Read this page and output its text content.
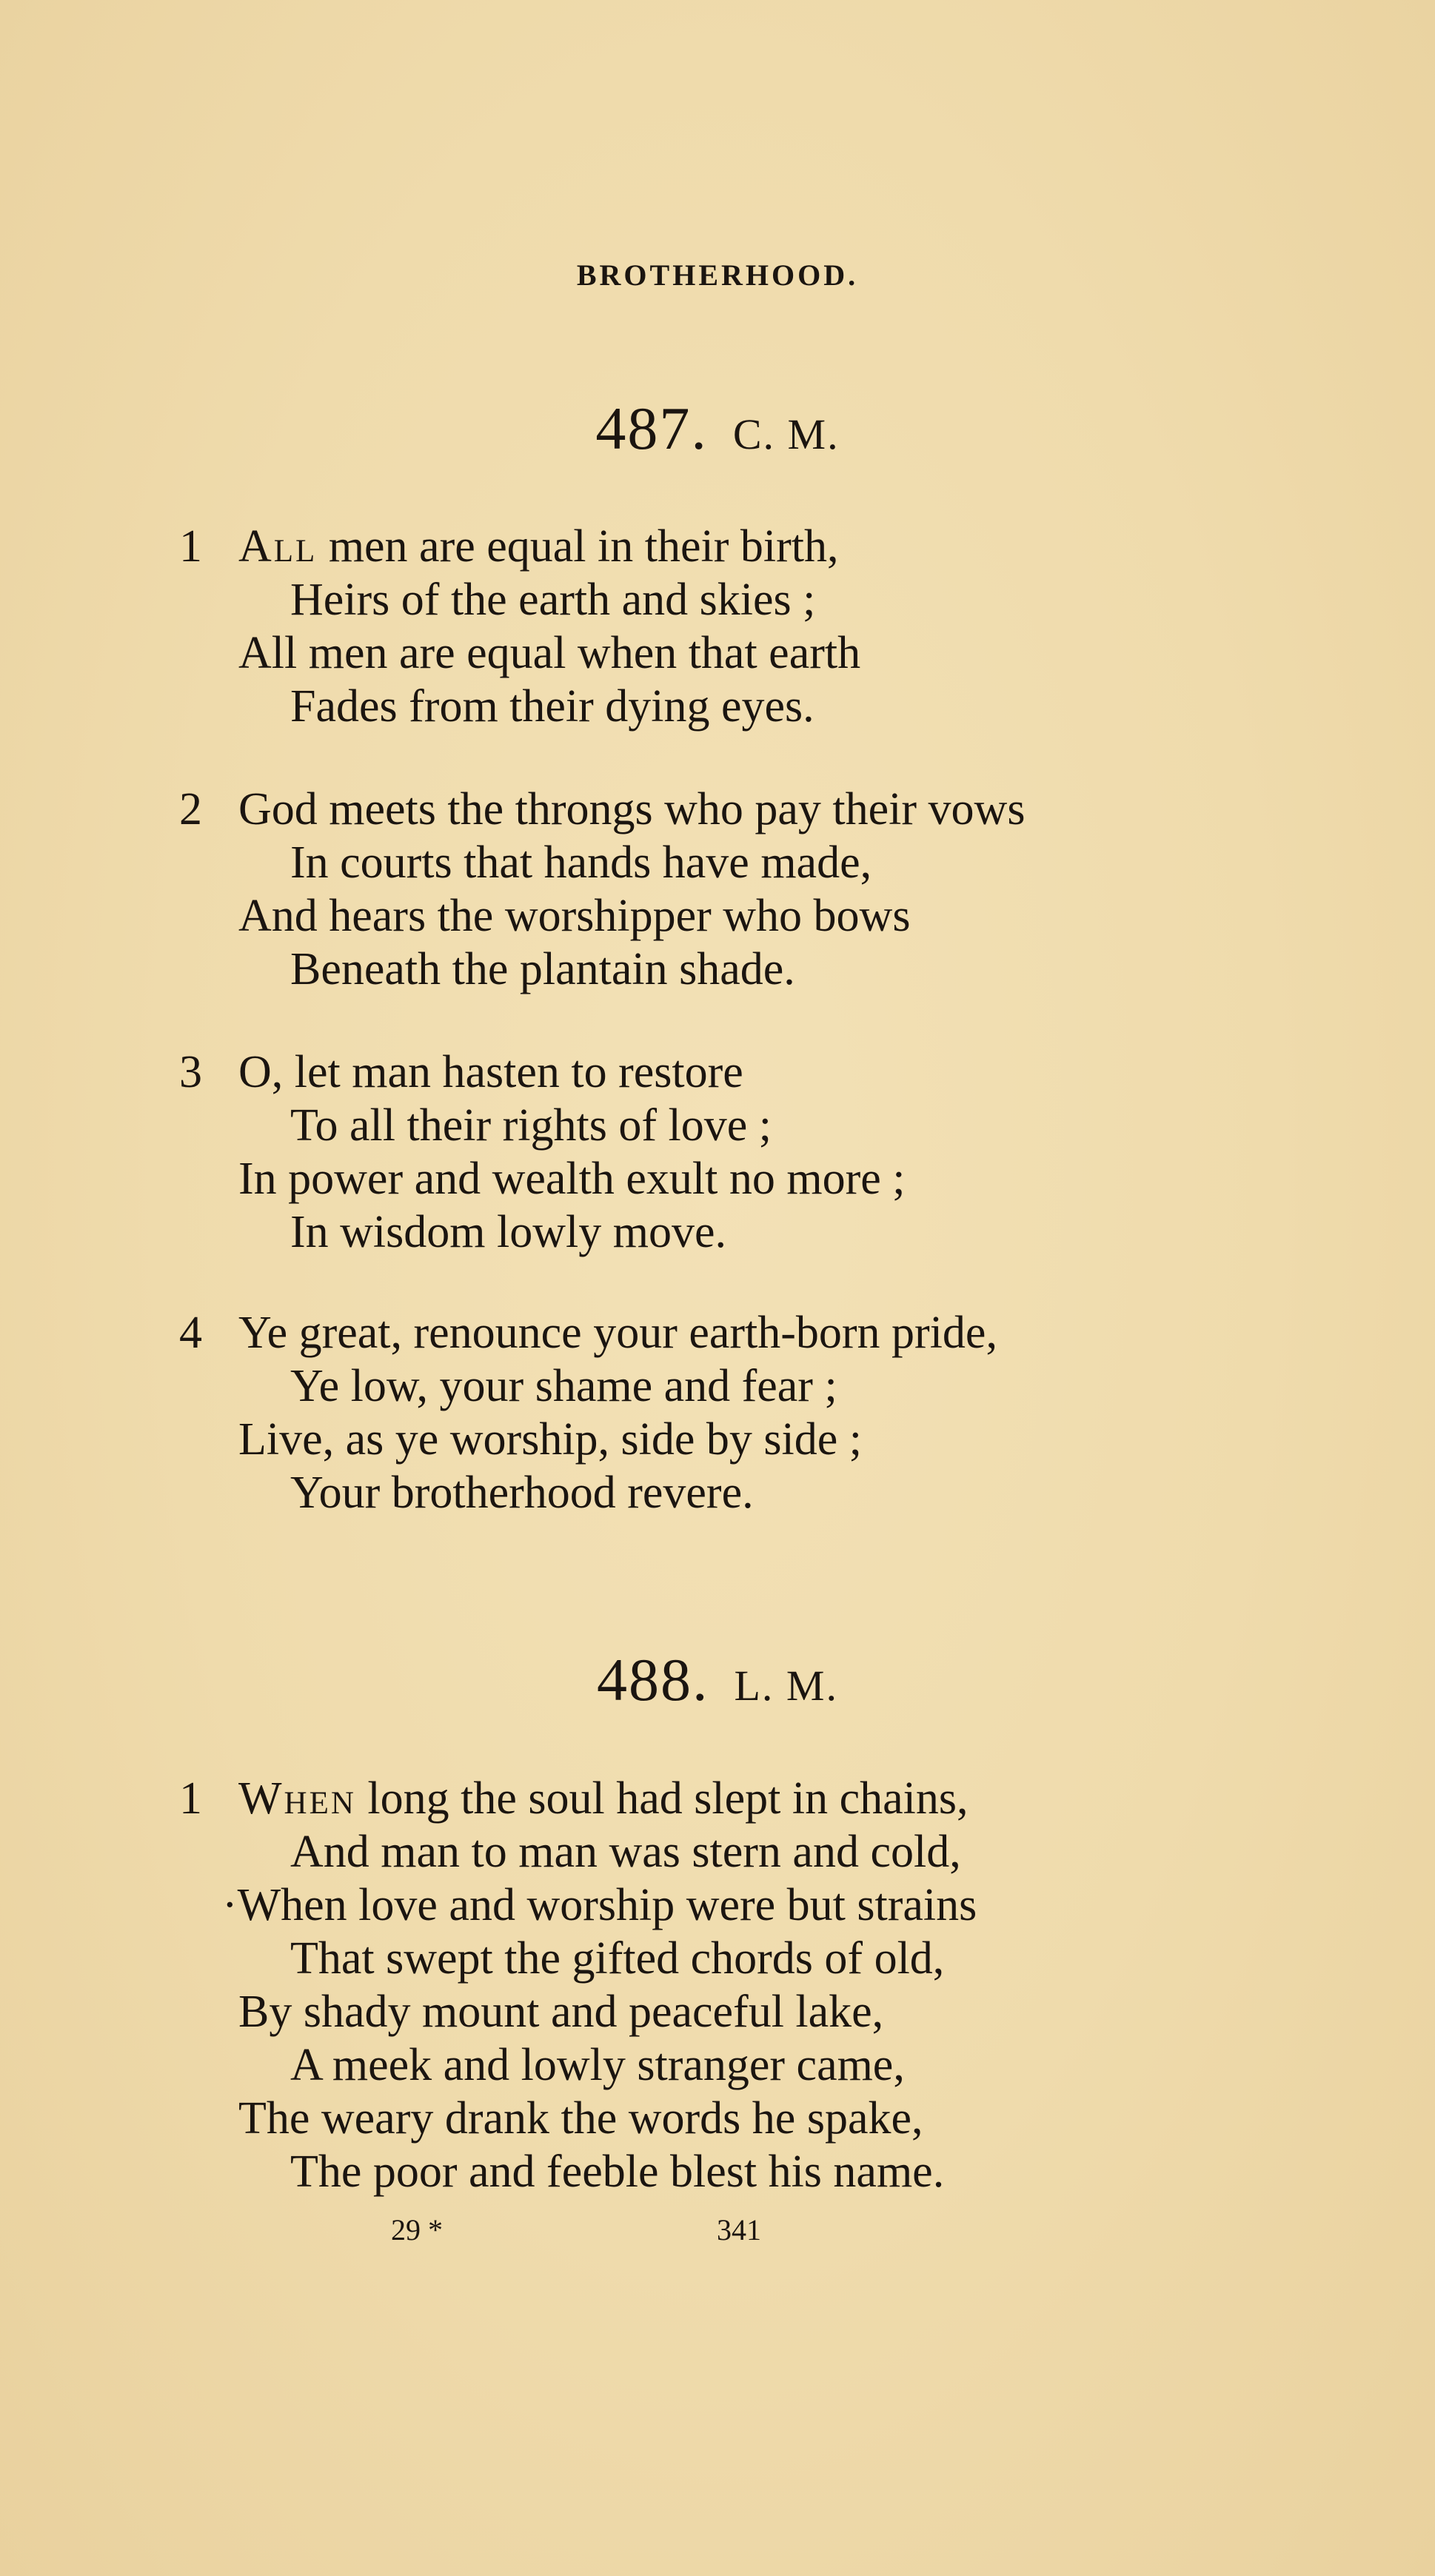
BROTHERHOOD.
487. C. M.
1 All men are equal in their birth,
Heirs of the earth and skies ;
All men are equal when that earth
Fades from their dying eyes.
2 God meets the throngs who pay their vows
In courts that hands have made,
And hears the worshipper who bows
Beneath the plantain shade.
3 O, let man hasten to restore
To all their rights of love ;
In power and wealth exult no more ;
In wisdom lowly move.
4 Ye great, renounce your earth-born pride,
Ye low, your shame and fear ;
Live, as ye worship, side by side ;
Your brotherhood revere.
488. L. M.
1 When long the soul had slept in chains,
And man to man was stern and cold,
·When love and worship were but strains
That swept the gifted chords of old,
By shady mount and peaceful lake,
A meek and lowly stranger came,
The weary drank the words he spake,
The poor and feeble blest his name.
29 *	341
